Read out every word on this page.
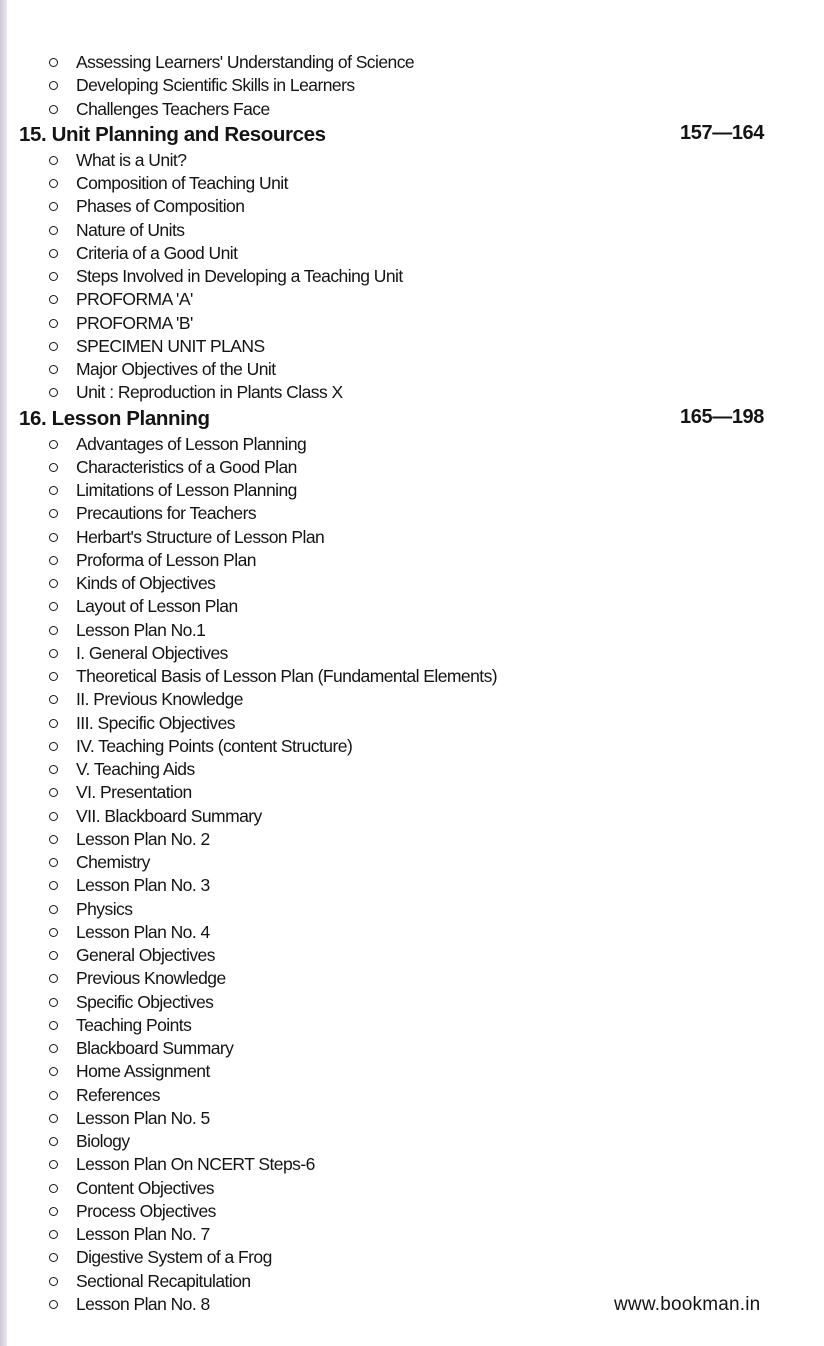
Assessing Learners' Understanding of Science
Developing Scientific Skills in Learners
Challenges Teachers Face
15. Unit Planning and Resources	157—164
What is a Unit?
Composition of Teaching Unit
Phases of Composition
Nature of Units
Criteria of a Good Unit
Steps Involved in Developing a Teaching Unit
PROFORMA 'A'
PROFORMA 'B'
SPECIMEN UNIT PLANS
Major Objectives of the Unit
Unit : Reproduction in Plants Class X
16. Lesson Planning	165—198
Advantages of Lesson Planning
Characteristics of a Good Plan
Limitations of Lesson Planning
Precautions for Teachers
Herbart's Structure of Lesson Plan
Proforma of Lesson Plan
Kinds of Objectives
Layout of Lesson Plan
Lesson Plan No.1
I. General Objectives
Theoretical Basis of Lesson Plan (Fundamental Elements)
II. Previous Knowledge
III. Specific Objectives
IV. Teaching Points (content Structure)
V. Teaching Aids
VI. Presentation
VII. Blackboard Summary
Lesson Plan No. 2
Chemistry
Lesson Plan No. 3
Physics
Lesson Plan No. 4
General Objectives
Previous Knowledge
Specific Objectives
Teaching Points
Blackboard Summary
Home Assignment
References
Lesson Plan No. 5
Biology
Lesson Plan On NCERT Steps-6
Content Objectives
Process Objectives
Lesson Plan No. 7
Digestive System of a Frog
Sectional Recapitulation
Lesson Plan No. 8	www.bookman.in
